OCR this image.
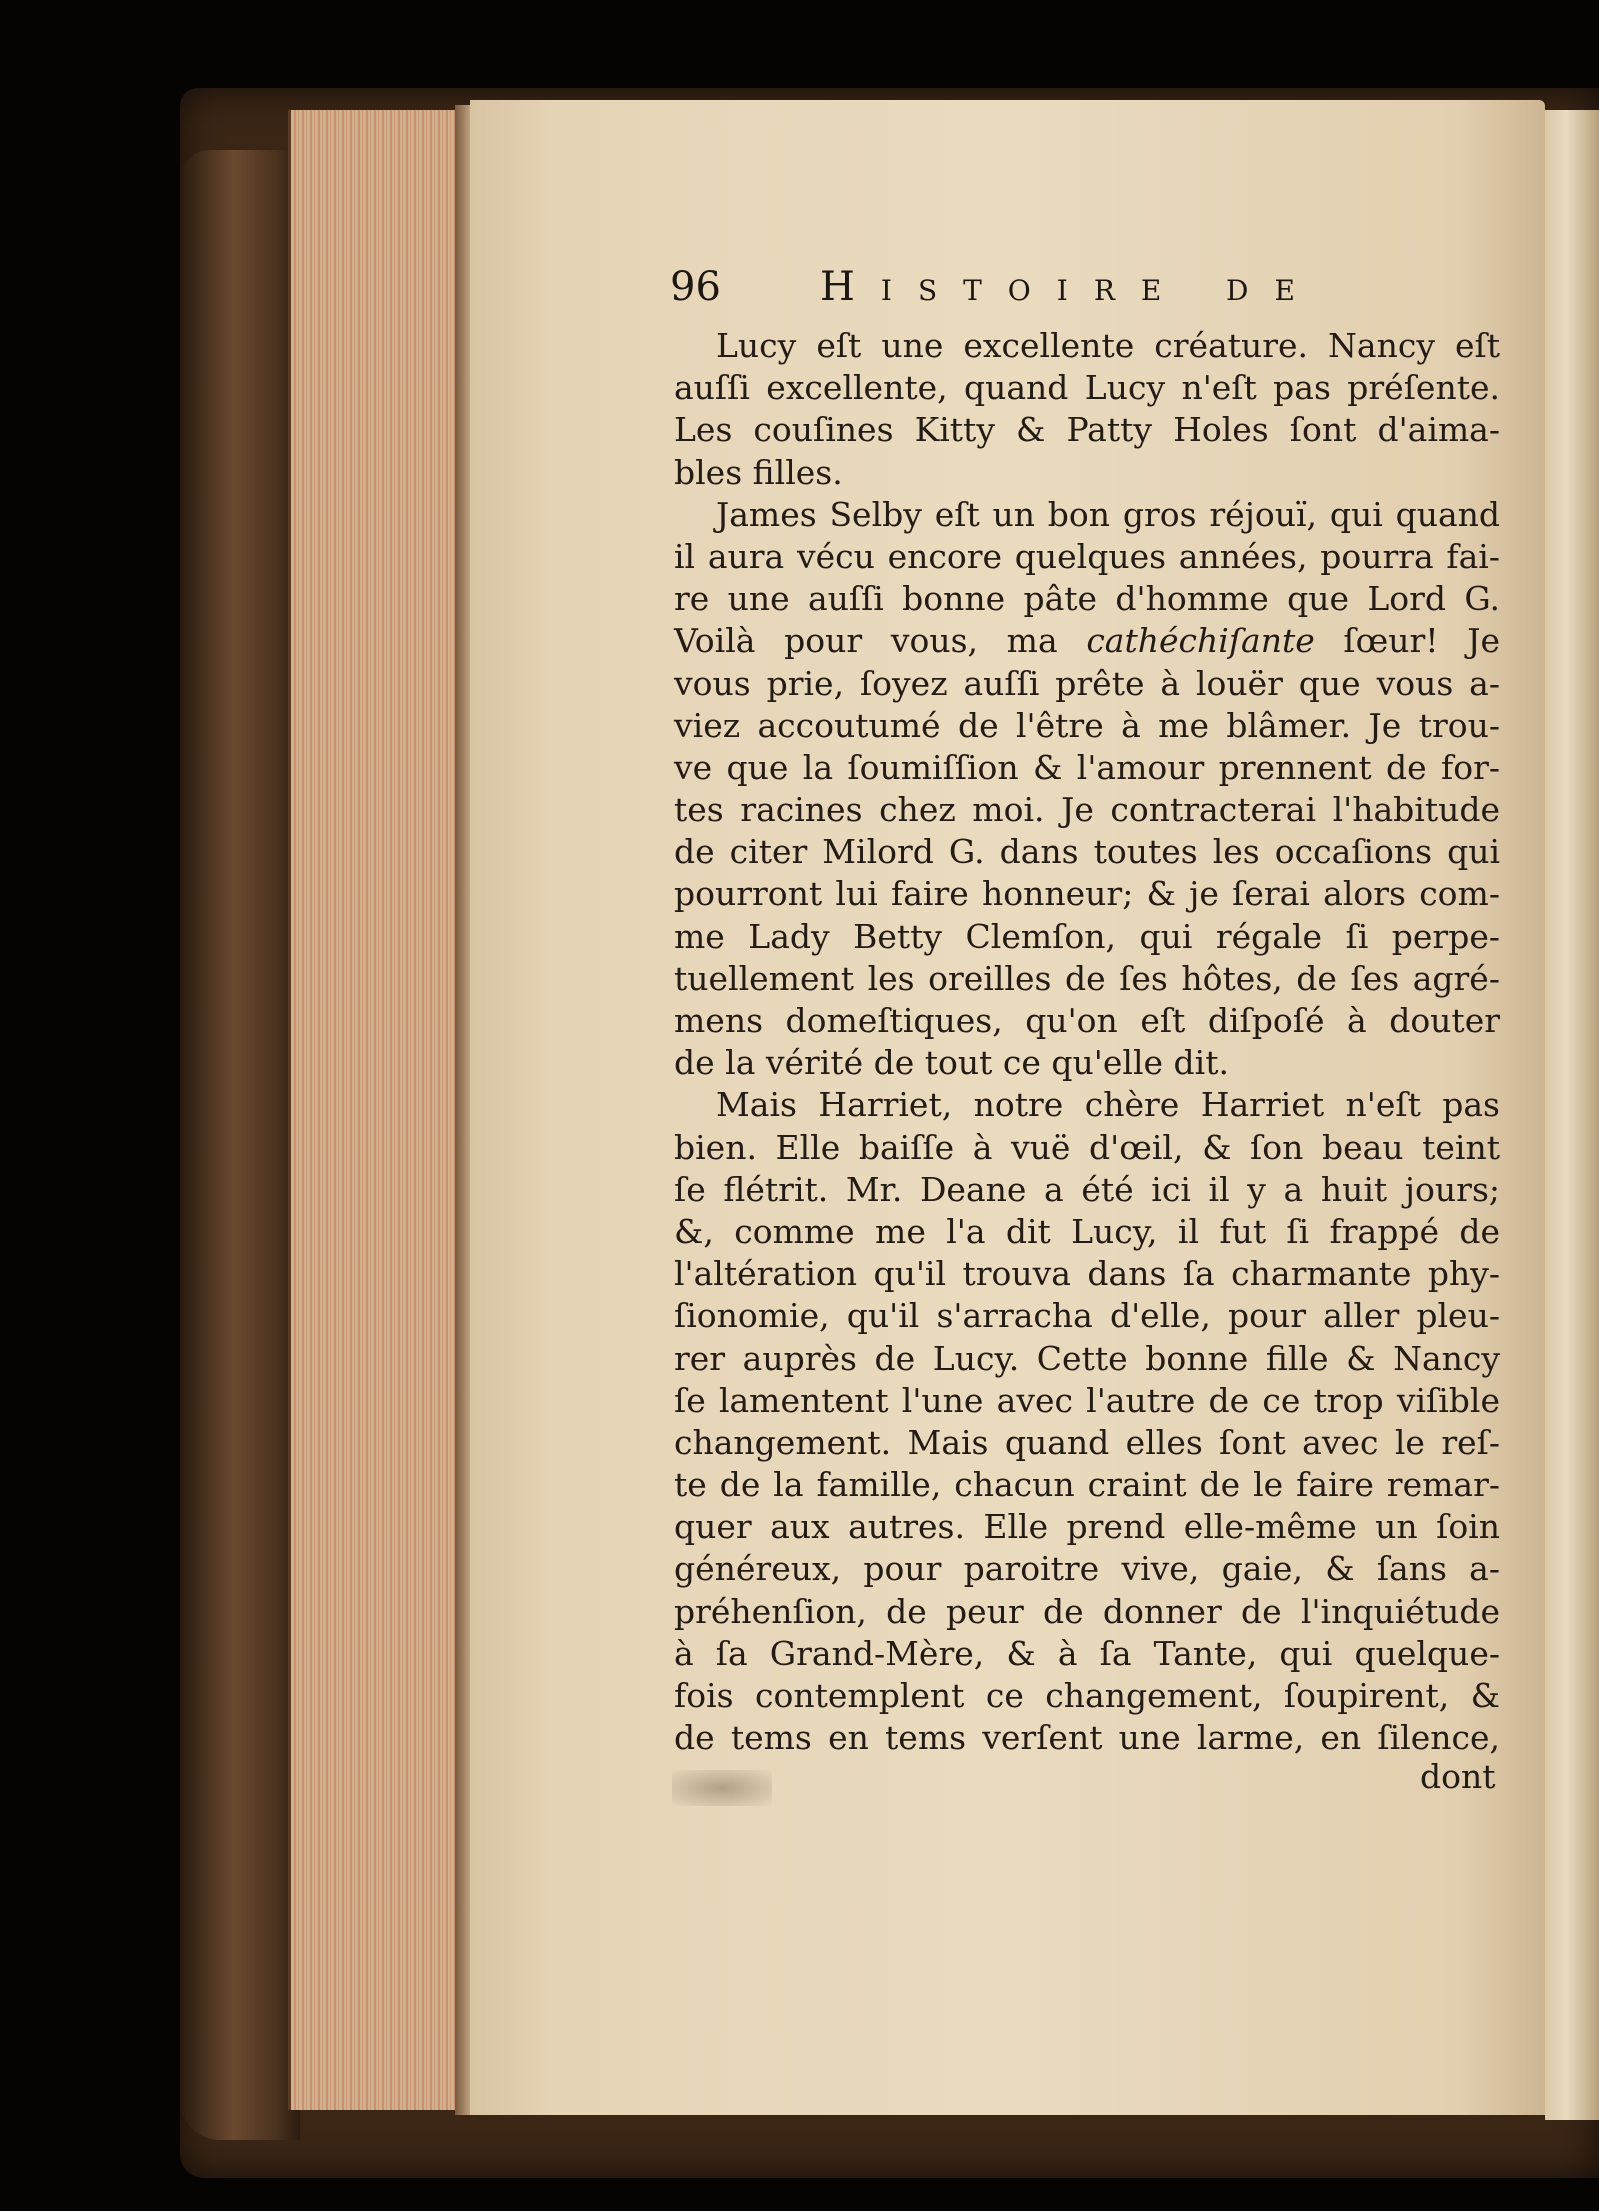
96 Histoire de
Lucy eſt une excellente créature. Nancy eſt
auſſi excellente, quand Lucy n'eſt pas préſente.
Les couſines Kitty & Patty Holes ſont d'aima-
bles filles.
James Selby eſt un bon gros réjouï, qui quand
il aura vécu encore quelques années, pourra fai-
re une auſſi bonne pâte d'homme que Lord G.
Voilà pour vous, ma cathéchiſante ſœur! Je
vous prie, ſoyez auſſi prête à louër que vous a-
viez accoutumé de l'être à me blâmer. Je trou-
ve que la ſoumiſſion & l'amour prennent de for-
tes racines chez moi. Je contracterai l'habitude
de citer Milord G. dans toutes les occaſions qui
pourront lui faire honneur; & je ſerai alors com-
me Lady Betty Clemſon, qui régale ſi perpe-
tuellement les oreilles de ſes hôtes, de ſes agré-
mens domeſtiques, qu'on eſt diſpoſé à douter
de la vérité de tout ce qu'elle dit.
Mais Harriet, notre chère Harriet n'eſt pas
bien. Elle baiſſe à vuë d'œil, & ſon beau teint
ſe flétrit. Mr. Deane a été ici il y a huit jours;
&, comme me l'a dit Lucy, il fut ſi frappé de
l'altération qu'il trouva dans ſa charmante phy-
ſionomie, qu'il s'arracha d'elle, pour aller pleu-
rer auprès de Lucy. Cette bonne fille & Nancy
ſe lamentent l'une avec l'autre de ce trop viſible
changement. Mais quand elles ſont avec le reſ-
te de la famille, chacun craint de le faire remar-
quer aux autres. Elle prend elle-même un ſoin
généreux, pour paroitre vive, gaie, & ſans a-
préhenſion, de peur de donner de l'inquiétude
à ſa Grand-Mère, & à ſa Tante, qui quelque-
fois contemplent ce changement, ſoupirent, &
de tems en tems verſent une larme, en ſilence,
dont
